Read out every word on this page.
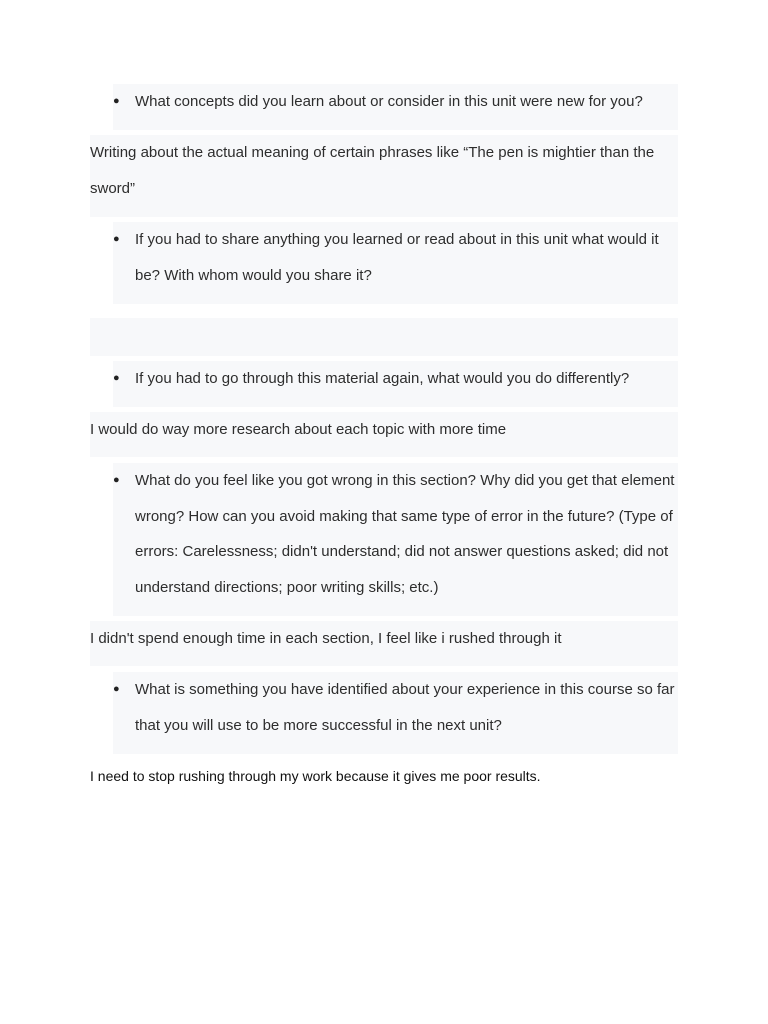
●	What concepts did you learn about or consider in this unit were new for you?
Writing about the actual meaning of certain phrases like “The pen is mightier than the
sword”
●	If you had to share anything you learned or read about in this unit what would it
be? With whom would you share it?
●	If you had to go through this material again, what would you do differently?
I would do way more research about each topic with more time
●	What do you feel like you got wrong in this section? Why did you get that element
wrong? How can you avoid making that same type of error in the future? (Type of
errors: Carelessness; didn't understand; did not answer questions asked; did not
understand directions; poor writing skills; etc.)
I didn't spend enough time in each section, I feel like i rushed through it
●	What is something you have identified about your experience in this course so far
that you will use to be more successful in the next unit?
I need to stop rushing through my work because it gives me poor results.
